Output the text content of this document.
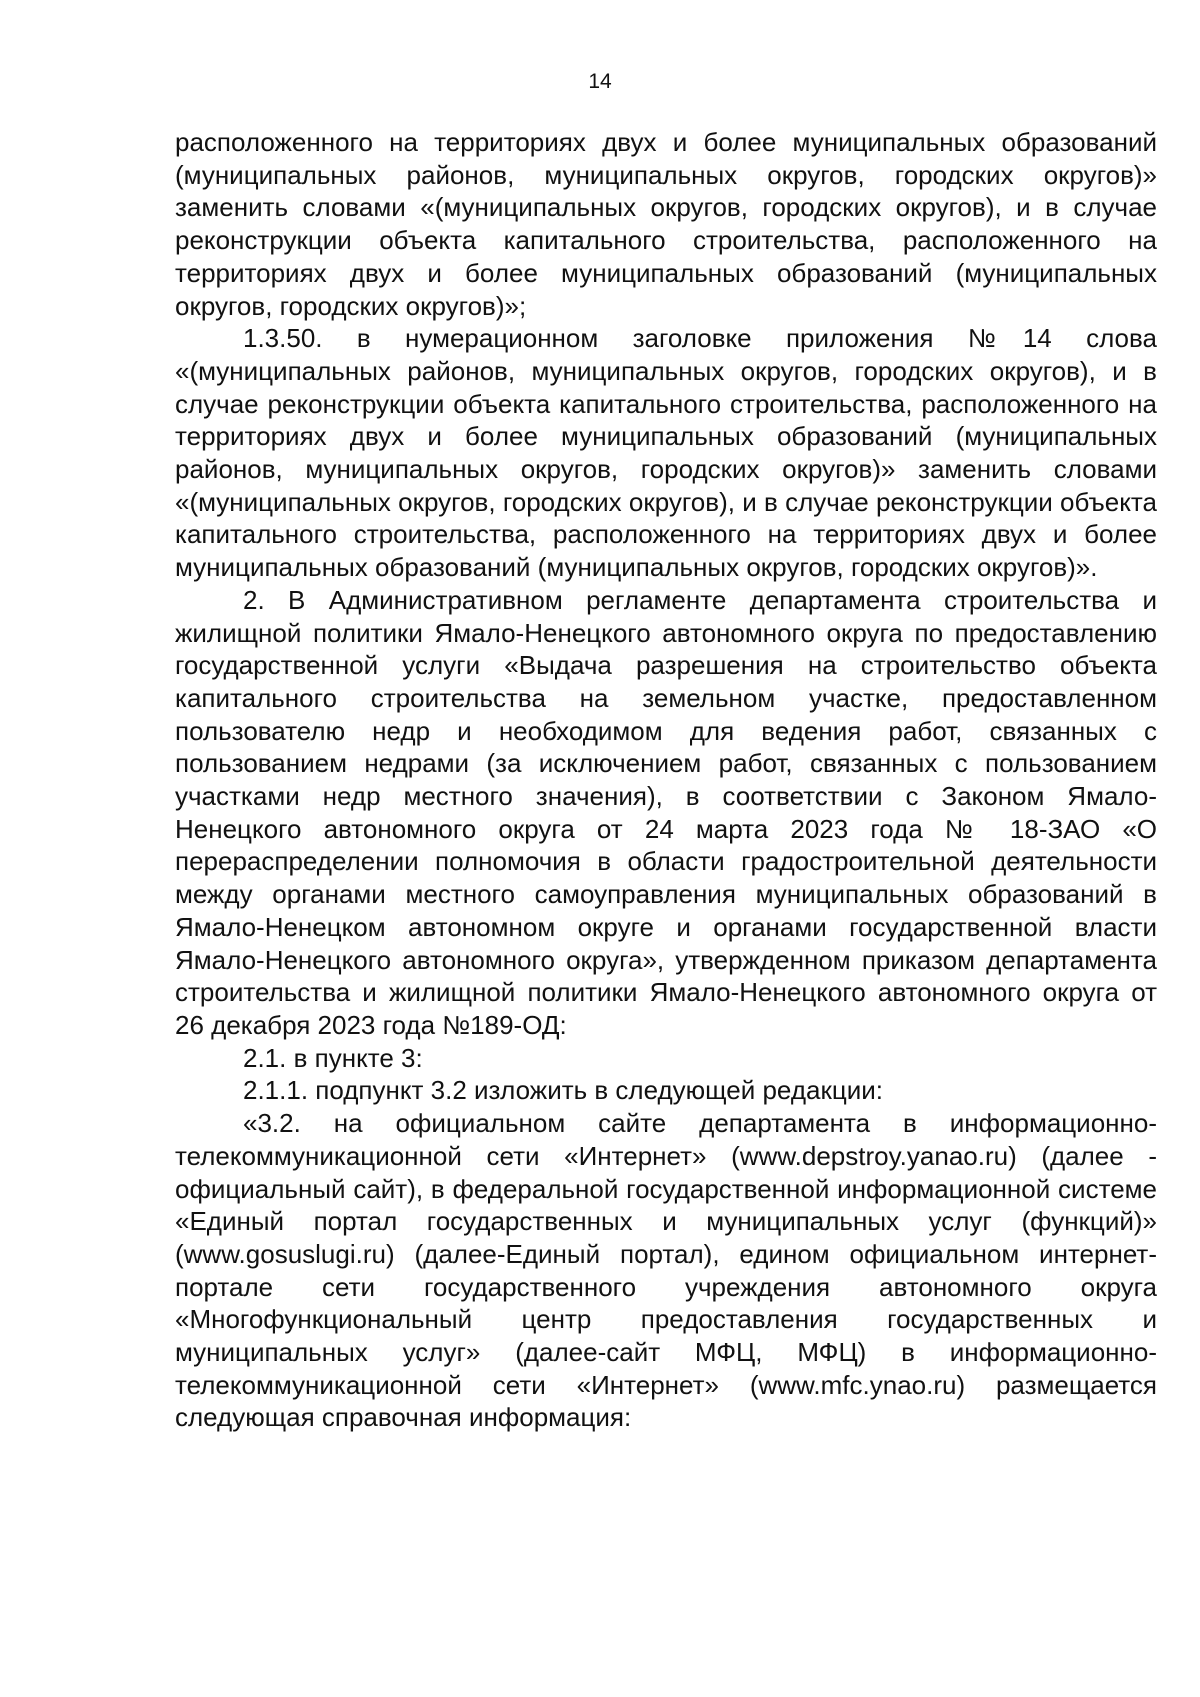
14

расположенного на территориях двух и более муниципальных образований (муниципальных районов, муниципальных округов, городских округов)» заменить словами «(муниципальных округов, городских округов), и в случае реконструкции объекта капитального строительства, расположенного на территориях двух и более муниципальных образований (муниципальных округов, городских округов)»;

1.3.50. в нумерационном заголовке приложения №14 слова «(муниципальных районов, муниципальных округов, городских округов), и в случае реконструкции объекта капитального строительства, расположенного на территориях двух и более муниципальных образований (муниципальных районов, муниципальных округов, городских округов)» заменить словами «(муниципальных округов, городских округов), и в случае реконструкции объекта капитального строительства, расположенного на территориях двух и более муниципальных образований (муниципальных округов, городских округов)».

2. В Административном регламенте департамента строительства и жилищной политики Ямало-Ненецкого автономного округа по предоставлению государственной услуги «Выдача разрешения на строительство объекта капитального строительства на земельном участке, предоставленном пользователю недр и необходимом для ведения работ, связанных с пользованием недрами (за исключением работ, связанных с пользованием участками недр местного значения), в соответствии с Законом Ямало-Ненецкого автономного округа от 24 марта 2023 года № 18-ЗАО «О перераспределении полномочия в области градостроительной деятельности между органами местного самоуправления муниципальных образований в Ямало-Ненецком автономном округе и органами государственной власти Ямало-Ненецкого автономного округа», утвержденном приказом департамента строительства и жилищной политики Ямало-Ненецкого автономного округа от 26 декабря 2023 года №189-ОД:

2.1. в пункте 3:

2.1.1. подпункт 3.2 изложить в следующей редакции:

«3.2. на официальном сайте департамента в информационно-телекоммуникационной сети «Интернет» (www.depstroy.yanao.ru) (далее - официальный сайт), в федеральной государственной информационной системе «Единый портал государственных и муниципальных услуг (функций)» (www.gosuslugi.ru) (далее-Единый портал), едином официальном интернет-портале сети государственного учреждения автономного округа «Многофункциональный центр предоставления государственных и муниципальных услуг» (далее-сайт МФЦ, МФЦ) в информационно-телекоммуникационной сети «Интернет» (www.mfc.ynao.ru) размещается следующая справочная информация:
